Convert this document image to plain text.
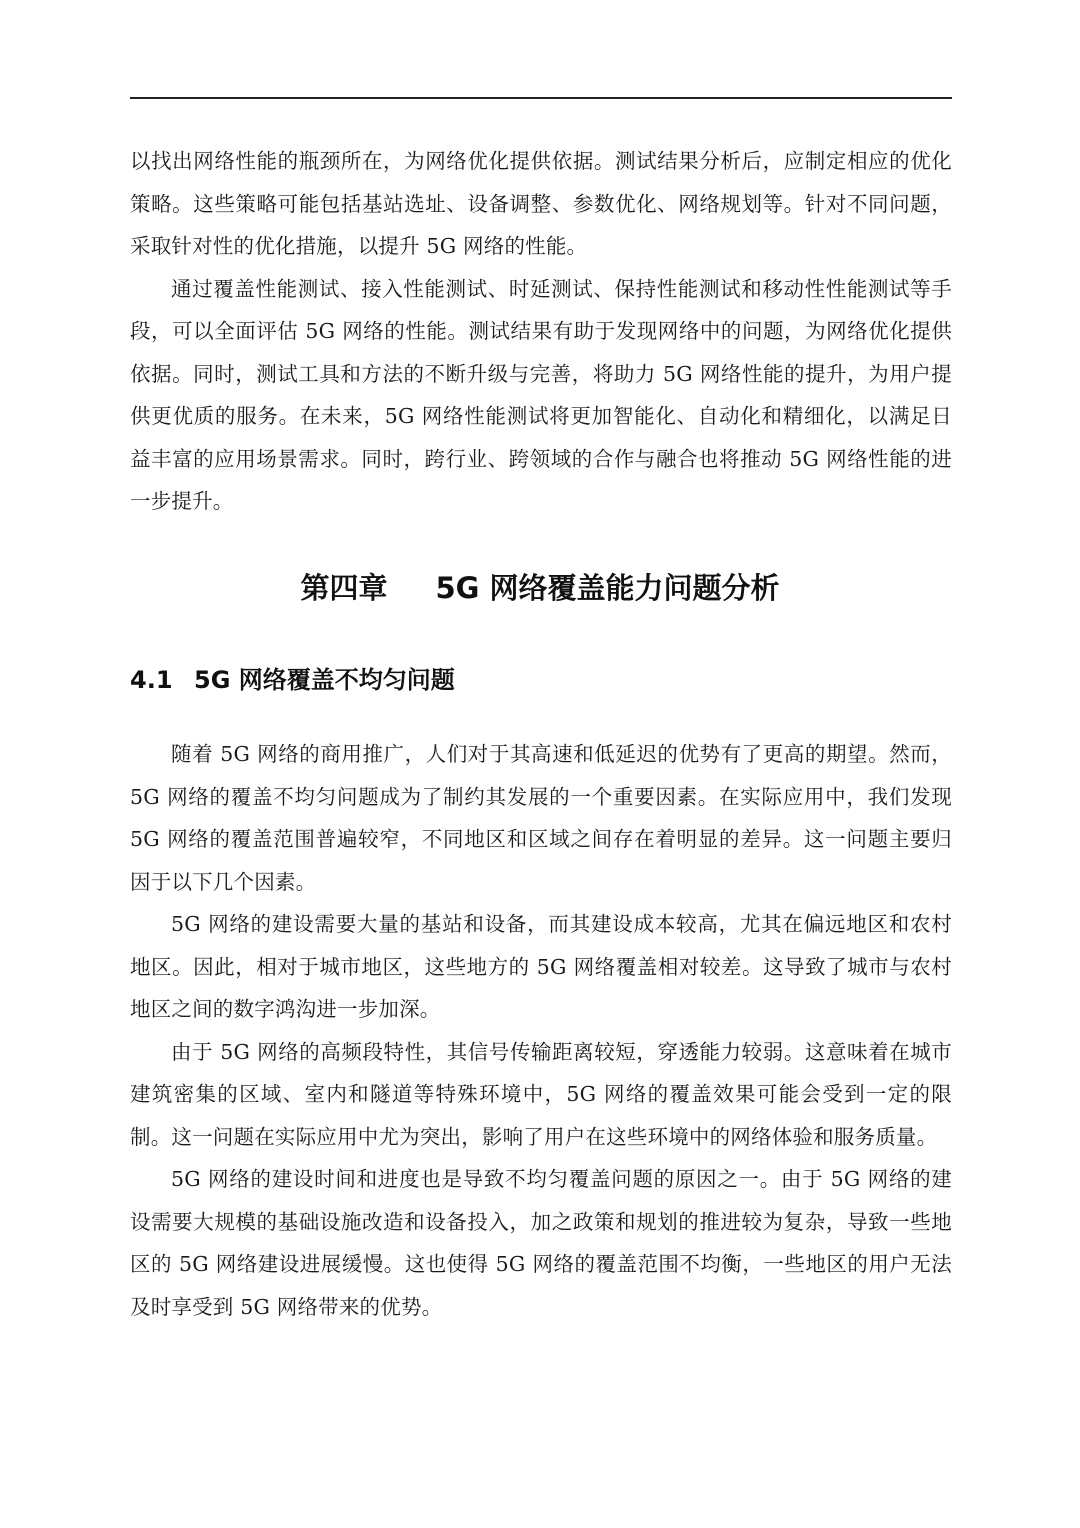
以找出网络性能的瓶颈所在，为网络优化提供依据。测试结果分析后，应制定相应的优化策略。这些策略可能包括基站选址、设备调整、参数优化、网络规划等。针对不同问题，采取针对性的优化措施，以提升 5G 网络的性能。

通过覆盖性能测试、接入性能测试、时延测试、保持性能测试和移动性性能测试等手段，可以全面评估 5G 网络的性能。测试结果有助于发现网络中的问题，为网络优化提供依据。同时，测试工具和方法的不断升级与完善，将助力 5G 网络性能的提升，为用户提供更优质的服务。在未来，5G 网络性能测试将更加智能化、自动化和精细化，以满足日益丰富的应用场景需求。同时，跨行业、跨领域的合作与融合也将推动 5G 网络性能的进一步提升。

第四章 5G 网络覆盖能力问题分析
4.1 5G 网络覆盖不均匀问题

随着 5G 网络的商用推广，人们对于其高速和低延迟的优势有了更高的期望。然而，5G 网络的覆盖不均匀问题成为了制约其发展的一个重要因素。在实际应用中，我们发现 5G 网络的覆盖范围普遍较窄，不同地区和区域之间存在着明显的差异。这一问题主要归因于以下几个因素。

5G 网络的建设需要大量的基站和设备，而其建设成本较高，尤其在偏远地区和农村地区。因此，相对于城市地区，这些地方的 5G 网络覆盖相对较差。这导致了城市与农村地区之间的数字鸿沟进一步加深。

由于 5G 网络的高频段特性，其信号传输距离较短，穿透能力较弱。这意味着在城市建筑密集的区域、室内和隧道等特殊环境中，5G 网络的覆盖效果可能会受到一定的限制。这一问题在实际应用中尤为突出，影响了用户在这些环境中的网络体验和服务质量。

5G 网络的建设时间和进度也是导致不均匀覆盖问题的原因之一。由于 5G 网络的建设需要大规模的基础设施改造和设备投入，加之政策和规划的推进较为复杂，导致一些地区的 5G 网络建设进展缓慢。这也使得 5G 网络的覆盖范围不均衡，一些地区的用户无法及时享受到 5G 网络带来的优势。
